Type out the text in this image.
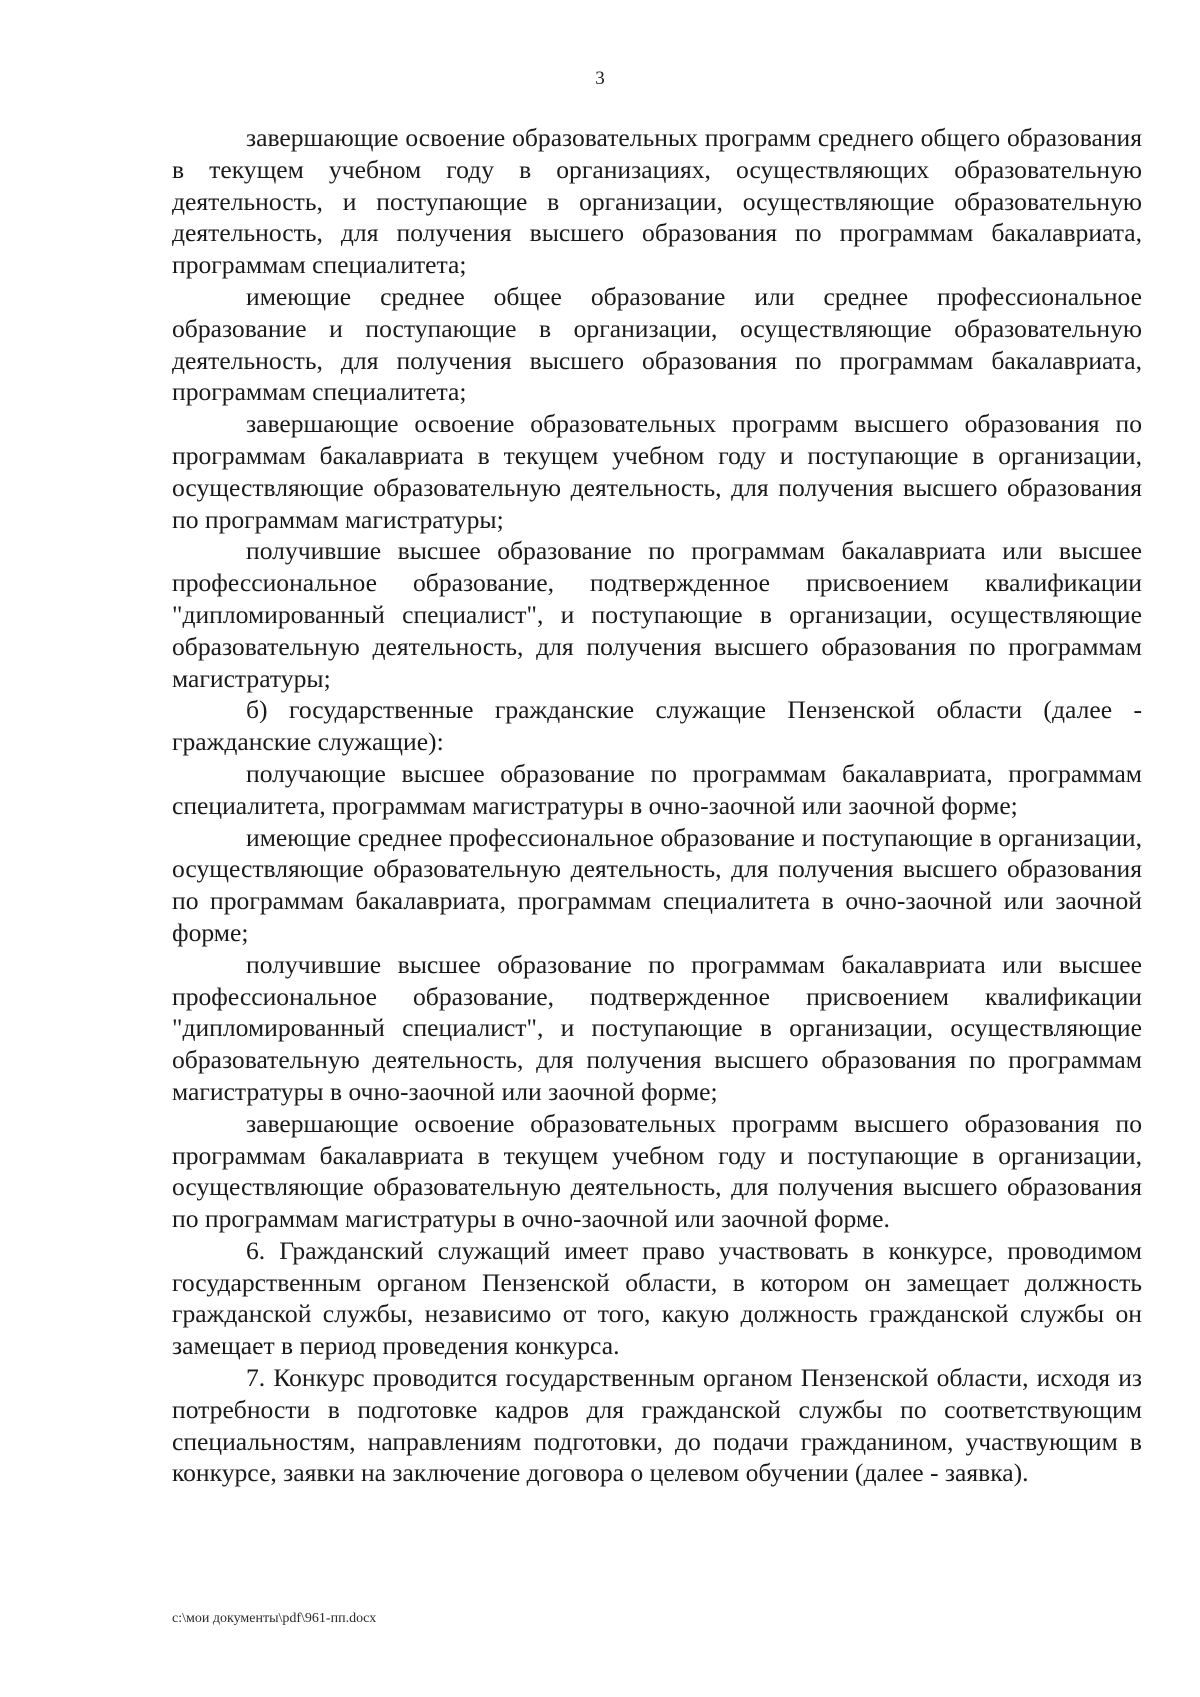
3

завершающие освоение образовательных программ среднего общего образования в текущем учебном году в организациях, осуществляющих образовательную деятельность, и поступающие в организации, осуществляющие образовательную деятельность, для получения высшего образования по программам бакалавриата, программам специалитета;

имеющие среднее общее образование или среднее профессиональное образование и поступающие в организации, осуществляющие образовательную деятельность, для получения высшего образования по программам бакалавриата, программам специалитета;

завершающие освоение образовательных программ высшего образования по программам бакалавриата в текущем учебном году и поступающие в организации, осуществляющие образовательную деятельность, для получения высшего образования по программам магистратуры;

получившие высшее образование по программам бакалавриата или высшее профессиональное образование, подтвержденное присвоением квалификации "дипломированный специалист", и поступающие в организации, осуществляющие образовательную деятельность, для получения высшего образования по программам магистратуры;

б) государственные гражданские служащие Пензенской области (далее - гражданские служащие):

получающие высшее образование по программам бакалавриата, программам специалитета, программам магистратуры в очно-заочной или заочной форме;

имеющие среднее профессиональное образование и поступающие в организации, осуществляющие образовательную деятельность, для получения высшего образования по программам бакалавриата, программам специалитета в очно-заочной или заочной форме;

получившие высшее образование по программам бакалавриата или высшее профессиональное образование, подтвержденное присвоением квалификации "дипломированный специалист", и поступающие в организации, осуществляющие образовательную деятельность, для получения высшего образования по программам магистратуры в очно-заочной или заочной форме;

завершающие освоение образовательных программ высшего образования по программам бакалавриата в текущем учебном году и поступающие в организации, осуществляющие образовательную деятельность, для получения высшего образования по программам магистратуры в очно-заочной или заочной форме.

6. Гражданский служащий имеет право участвовать в конкурсе, проводимом государственным органом Пензенской области, в котором он замещает должность гражданской службы, независимо от того, какую должность гражданской службы он замещает в период проведения конкурса.

7. Конкурс проводится государственным органом Пензенской области, исходя из потребности в подготовке кадров для гражданской службы по соответствующим специальностям, направлениям подготовки, до подачи гражданином, участвующим в конкурсе, заявки на заключение договора о целевом обучении (далее - заявка).

c:\мои документы\pdf\961-пп.docx
